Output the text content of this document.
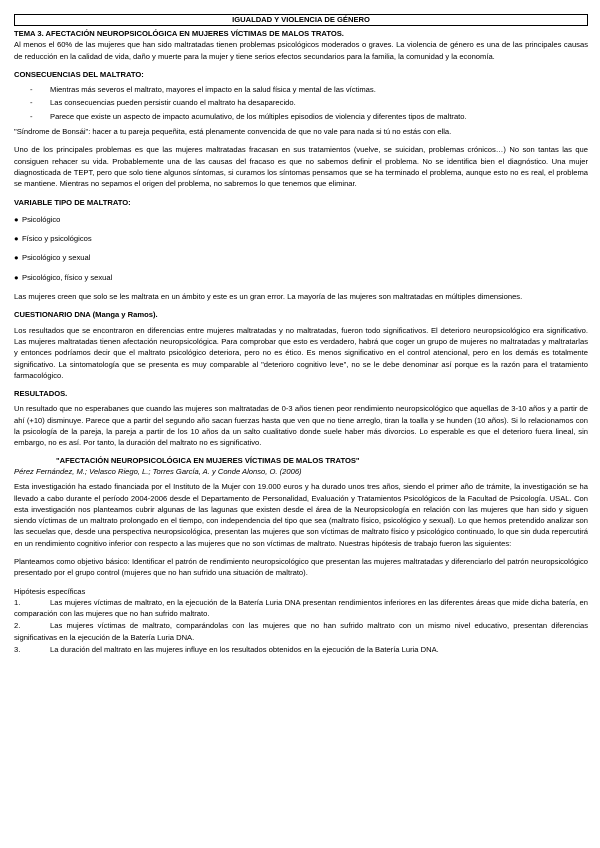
IGUALDAD Y VIOLENCIA DE GÉNERO

TEMA 3. AFECTACIÓN NEUROPSICOLÓGICA EN MUJERES VÍCTIMAS DE MALOS TRATOS.

Al menos el 60% de las mujeres que han sido maltratadas tienen problemas psicológicos moderados o graves. La violencia de género es una de las principales causas de reducción en la calidad de vida, daño y muerte para la mujer y tiene serios efectos secundarios para la familia, la comunidad y la economía.

CONSECUENCIAS DEL MALTRATO:

- Mientras más severos el maltrato, mayores el impacto en la salud física y mental de las víctimas.
- Las consecuencias pueden persistir cuando el maltrato ha desaparecido.
- Parece que existe un aspecto de impacto acumulativo, de los múltiples episodios de violencia y diferentes tipos de maltrato.

"Síndrome de Bonsái": hacer a tu pareja pequeñita, está plenamente convencida de que no vale para nada si tú no estás con ella.

Uno de los principales problemas es que las mujeres maltratadas fracasan en sus tratamientos (vuelve, se suicidan, problemas crónicos…) No son tantas las que consiguen rehacer su vida. Probablemente una de las causas del fracaso es que no sabemos definir el problema. No se identifica bien el diagnóstico. Una mujer diagnosticada de TEPT, pero que solo tiene algunos síntomas, si curamos los síntomas pensamos que se ha terminado el problema, aunque esto no es real, el problema se mantiene. Mientras no sepamos el origen del problema, no sabremos lo que tenemos que eliminar.

VARIABLE TIPO DE MALTRATO:

● Psicológico
● Físico y psicológicos
● Psicológico y sexual
● Psicológico, físico y sexual

Las mujeres creen que solo se les maltrata en un ámbito y este es un gran error. La mayoría de las mujeres son maltratadas en múltiples dimensiones.

CUESTIONARIO DNA (Manga y Ramos).

Los resultados que se encontraron en diferencias entre mujeres maltratadas y no maltratadas, fueron todo significativos. El deterioro neuropsicológico era significativo. Las mujeres maltratadas tienen afectación neuropsicológica. Para comprobar que esto es verdadero, habrá que coger un grupo de mujeres no maltratadas y maltratarlas y entonces podríamos decir que el maltrato psicológico deteriora, pero no es ético. Es menos significativo en el control atencional, pero en los demás es totalmente significativo. La sintomatología que se presenta es muy comparable al "deterioro cognitivo leve", no se le debe denominar así porque es la razón para el tratamiento farmacológico.

RESULTADOS.

Un resultado que no esperabanes que cuando las mujeres son maltratadas de 0-3 años tienen peor rendimiento neuropsicológico que aquellas de 3-10 años y a partir de ahí (+10) disminuye. Parece que a partir del segundo año sacan fuerzas hasta que ven que no tiene arreglo, tiran la toalla y se hunden (10 años). Si lo relacionamos con la psicología de la pareja, la pareja a partir de los 10 años da un salto cualitativo donde suele haber más divorcios. Lo esperable es que el deterioro fuera lineal, sin embargo, no es así. Por tanto, la duración del maltrato no es significativo.

"AFECTACIÓN NEUROPSICOLÓGICA EN MUJERES VÍCTIMAS DE MALOS TRATOS"

Pérez Fernández, M.; Velasco Riego, L.; Torres García, A. y Conde Alonso, O. (2006)

Esta investigación ha estado financiada por el Instituto de la Mujer con 19.000 euros y ha durado unos tres años, siendo el primer año de trámite, la investigación se ha llevado a cabo durante el período 2004-2006 desde el Departamento de Personalidad, Evaluación y Tratamientos Psicológicos de la Facultad de Psicología. USAL. Con esta investigación nos planteamos cubrir algunas de las lagunas que existen desde el área de la Neuropsicología en relación con las mujeres que han sido y siguen siendo víctimas de un maltrato prolongado en el tiempo, con independencia del tipo que sea (maltrato físico, psicológico y sexual). Lo que hemos pretendido analizar son las secuelas que, desde una perspectiva neuropsicológica, presentan las mujeres que son víctimas de maltrato físico y psicológico continuado, lo que sin duda repercutirá en un rendimiento cognitivo inferior con respecto a las mujeres que no son víctimas de maltrato. Nuestras hipótesis de trabajo fueron las siguientes:

Planteamos como objetivo básico: Identificar el patrón de rendimiento neuropsicológico que presentan las mujeres maltratadas y diferenciarlo del patrón neuropsicológico presentado por el grupo control (mujeres que no han sufrido una situación de maltrato).

Hipótesis específicas

1.	Las mujeres víctimas de maltrato, en la ejecución de la Batería Luria DNA presentan rendimientos inferiores en las diferentes áreas que mide dicha batería, en comparación con las mujeres que no han sufrido maltrato.
2.	Las mujeres víctimas de maltrato, comparándolas con las mujeres que no han sufrido maltrato con un mismo nivel educativo, presentan diferencias significativas en la ejecución de la Batería Luria DNA.
3.	La duración del maltrato en las mujeres influye en los resultados obtenidos en la ejecución de la Batería Luria DNA.
